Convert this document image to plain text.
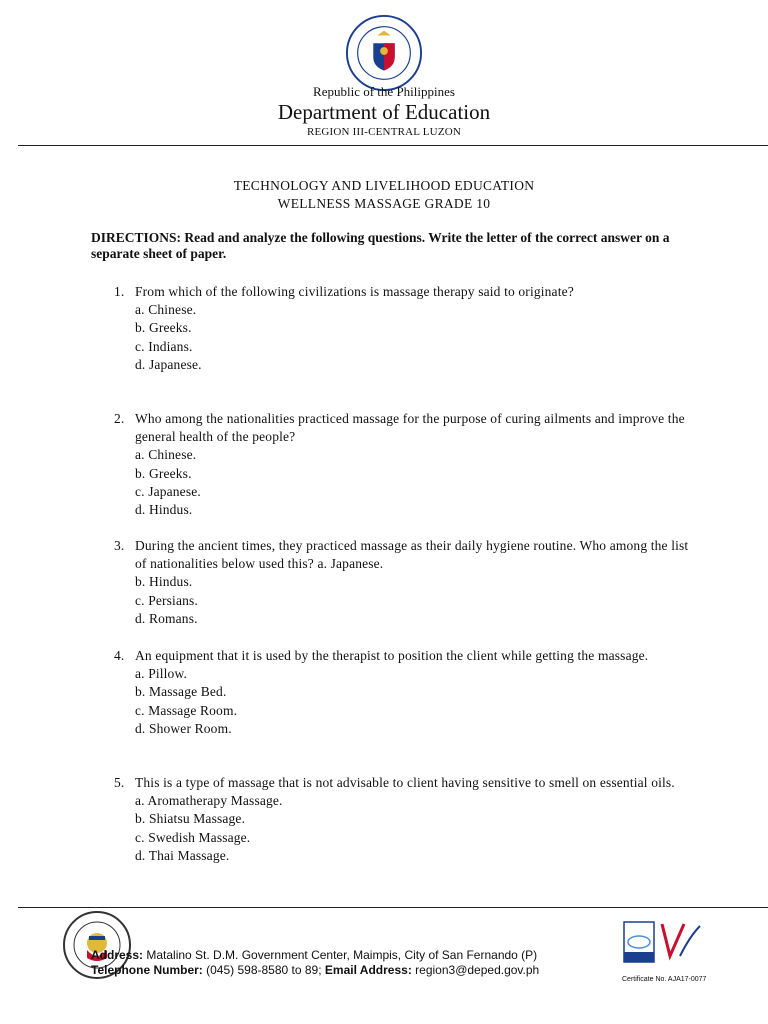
· · ·
Republic of the Philippines
Department of Education
REGION III-CENTRAL LUZON
TECHNOLOGY AND LIVELIHOOD EDUCATION
WELLNESS MASSAGE GRADE 10
DIRECTIONS: Read and analyze the following questions. Write the letter of the correct answer on a separate sheet of paper.
1. From which of the following civilizations is massage therapy said to originate?
a. Chinese.
b. Greeks.
c. Indians.
d. Japanese.
2. Who among the nationalities practiced massage for the purpose of curing ailments and improve the general health of the people?
a. Chinese.
b. Greeks.
c. Japanese.
d. Hindus.
3. During the ancient times, they practiced massage as their daily hygiene routine. Who among the list of nationalities below used this? a. Japanese.
b. Hindus.
c. Persians.
d. Romans.
4. An equipment that it is used by the therapist to position the client while getting the massage.
a. Pillow.
b. Massage Bed.
c. Massage Room.
d. Shower Room.
5. This is a type of massage that is not advisable to client having sensitive to smell on essential oils.
a. Aromatherapy Massage.
b. Shiatsu Massage.
c. Swedish Massage.
d. Thai Massage.
Address: Matalino St. D.M. Government Center, Maimpis, City of San Fernando (P)
Telephone Number: (045) 598-8580 to 89; Email Address: region3@deped.gov.ph
Certificate No. AJA17-0077
